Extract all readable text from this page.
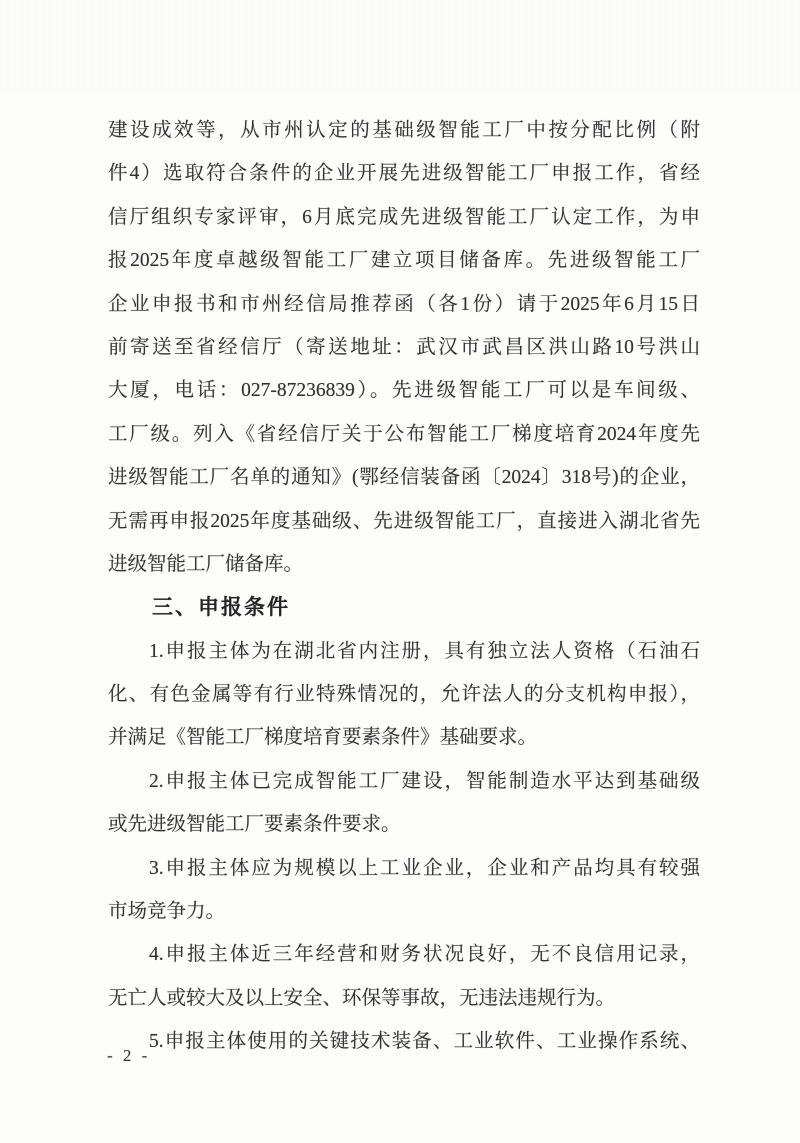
建设成效等，从市州认定的基础级智能工厂中按分配比例（附
件4）选取符合条件的企业开展先进级智能工厂申报工作，省经
信厅组织专家评审，6月底完成先进级智能工厂认定工作，为申
报2025年度卓越级智能工厂建立项目储备库。先进级智能工厂
企业申报书和市州经信局推荐函（各1份）请于2025年6月15日
前寄送至省经信厅（寄送地址：武汉市武昌区洪山路10号洪山
大厦，电话：027-87236839）。先进级智能工厂可以是车间级、
工厂级。列入《省经信厅关于公布智能工厂梯度培育2024年度先
进级智能工厂名单的通知》(鄂经信装备函〔2024〕318号)的企业，
无需再申报2025年度基础级、先进级智能工厂，直接进入湖北省先
进级智能工厂储备库。
三、申报条件
1.申报主体为在湖北省内注册，具有独立法人资格（石油石
化、有色金属等有行业特殊情况的，允许法人的分支机构申报），
并满足《智能工厂梯度培育要素条件》基础要求。
2.申报主体已完成智能工厂建设，智能制造水平达到基础级
或先进级智能工厂要素条件要求。
3.申报主体应为规模以上工业企业，企业和产品均具有较强
市场竞争力。
4.申报主体近三年经营和财务状况良好，无不良信用记录，
无亡人或较大及以上安全、环保等事故，无违法违规行为。
5.申报主体使用的关键技术装备、工业软件、工业操作系统、
- 2 -
